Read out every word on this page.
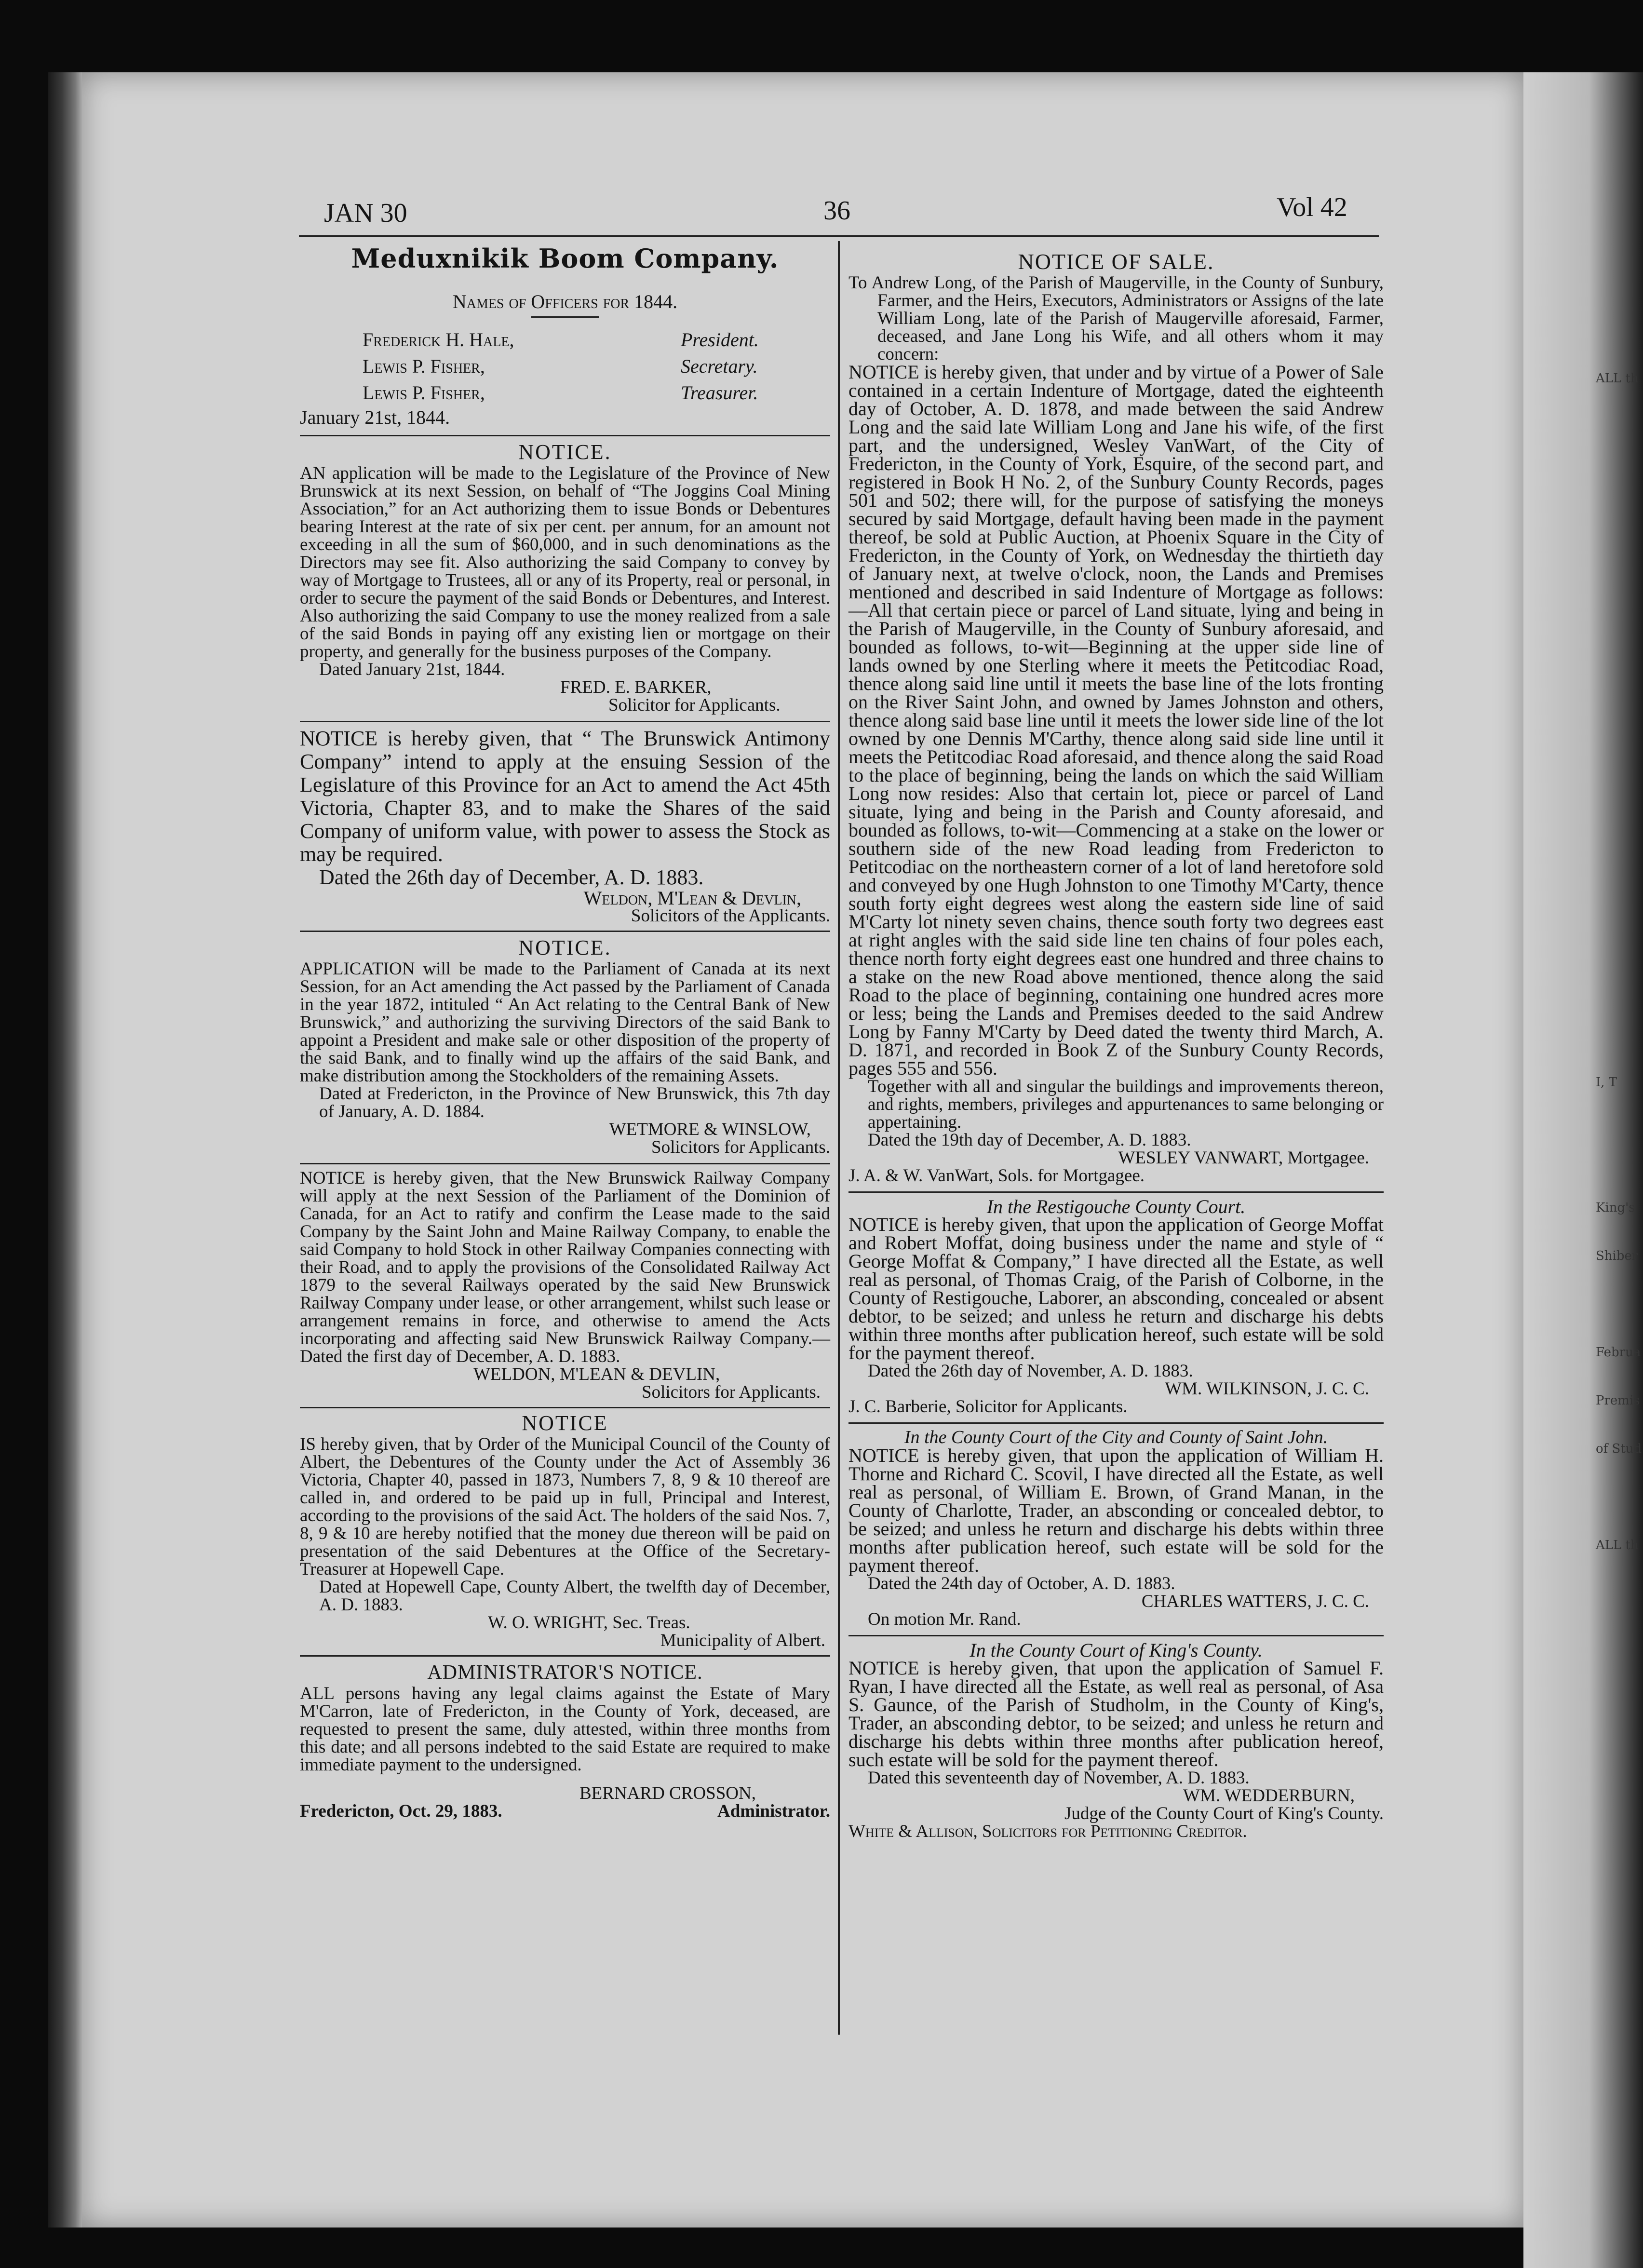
ALL th
Februa
Premis
of Stud
ALL th
Shiber
I, T
King's
JAN 30	36	Vol 42
Meduxnikik Boom Company.
Names of Officers for 1844.
Frederick H. Hale,	President.
Lewis P. Fisher,	Secretary.
Lewis P. Fisher,	Treasurer.
January 21st, 1844.
NOTICE.

AN application will be made to the Legislature of the Province of New Brunswick at its next Session, on behalf of “The Joggins Coal Mining Association,” for an Act authorizing them to issue Bonds or Debentures bearing Interest at the rate of six per cent. per annum, for an amount not exceeding in all the sum of $60,000, and in such denominations as the Directors may see fit. Also authorizing the said Company to convey by way of Mortgage to Trustees, all or any of its Property, real or personal, in order to secure the payment of the said Bonds or Debentures, and Interest. Also authorizing the said Company to use the money realized from a sale of the said Bonds in paying off any existing lien or mortgage on their property, and generally for the business purposes of the Company.

Dated January 21st, 1844.

FRED. E. BARKER,

Solicitor for Applicants.

NOTICE is hereby given, that “ The Brunswick Antimony Company” intend to apply at the ensuing Session of the Legislature of this Province for an Act to amend the Act 45th Victoria, Chapter 83, and to make the Shares of the said Company of uniform value, with power to assess the Stock as may be required.

Dated the 26th day of December, A. D. 1883.

Weldon, M'Lean & Devlin,

Solicitors of the Applicants.

NOTICE.

APPLICATION will be made to the Parliament of Canada at its next Session, for an Act amending the Act passed by the Parliament of Canada in the year 1872, intituled “ An Act relating to the Central Bank of New Brunswick,” and authorizing the surviving Directors of the said Bank to appoint a President and make sale or other disposition of the property of the said Bank, and to finally wind up the affairs of the said Bank, and make distribution among the Stockholders of the remaining Assets.

Dated at Fredericton, in the Province of New Brunswick, this 7th day of January, A. D. 1884.

WETMORE & WINSLOW,

Solicitors for Applicants.

NOTICE is hereby given, that the New Brunswick Railway Company will apply at the next Session of the Parliament of the Dominion of Canada, for an Act to ratify and confirm the Lease made to the said Company by the Saint John and Maine Railway Company, to enable the said Company to hold Stock in other Railway Companies connecting with their Road, and to apply the provisions of the Consolidated Railway Act 1879 to the several Railways operated by the said New Brunswick Railway Company under lease, or other arrangement, whilst such lease or arrangement remains in force, and otherwise to amend the Acts incorporating and affecting said New Brunswick Railway Company.—Dated the first day of December, A. D. 1883.

WELDON, M'LEAN & DEVLIN,

Solicitors for Applicants.

NOTICE

IS hereby given, that by Order of the Municipal Council of the County of Albert, the Debentures of the County under the Act of Assembly 36 Victoria, Chapter 40, passed in 1873, Numbers 7, 8, 9 & 10 thereof are called in, and ordered to be paid up in full, Principal and Interest, according to the provisions of the said Act. The holders of the said Nos. 7, 8, 9 & 10 are hereby notified that the money due thereon will be paid on presentation of the said Debentures at the Office of the Secretary-Treasurer at Hopewell Cape.

Dated at Hopewell Cape, County Albert, the twelfth day of December, A. D. 1883.

W. O. WRIGHT, Sec. Treas.

Municipality of Albert.

ADMINISTRATOR'S NOTICE.

ALL persons having any legal claims against the Estate of Mary M'Carron, late of Fredericton, in the County of York, deceased, are requested to present the same, duly attested, within three months from this date; and all persons indebted to the said Estate are required to make immediate payment to the undersigned.

BERNARD CROSSON,

Fredericton, Oct. 29, 1883.	Administrator.
NOTICE OF SALE.

To Andrew Long, of the Parish of Maugerville, in the County of Sunbury, Farmer, and the Heirs, Executors, Administrators or Assigns of the late William Long, late of the Parish of Maugerville aforesaid, Farmer, deceased, and Jane Long his Wife, and all others whom it may concern:

NOTICE is hereby given, that under and by virtue of a Power of Sale contained in a certain Indenture of Mortgage, dated the eighteenth day of October, A. D. 1878, and made between the said Andrew Long and the said late William Long and Jane his wife, of the first part, and the undersigned, Wesley VanWart, of the City of Fredericton, in the County of York, Esquire, of the second part, and registered in Book H No. 2, of the Sunbury County Records, pages 501 and 502; there will, for the purpose of satisfying the moneys secured by said Mortgage, default having been made in the payment thereof, be sold at Public Auction, at Phoenix Square in the City of Fredericton, in the County of York, on Wednesday the thirtieth day of January next, at twelve o'clock, noon, the Lands and Premises mentioned and described in said Indenture of Mortgage as follows:—All that certain piece or parcel of Land situate, lying and being in the Parish of Maugerville, in the County of Sunbury aforesaid, and bounded as follows, to-wit—Beginning at the upper side line of lands owned by one Sterling where it meets the Petitcodiac Road, thence along said line until it meets the base line of the lots fronting on the River Saint John, and owned by James Johnston and others, thence along said base line until it meets the lower side line of the lot owned by one Dennis M'Carthy, thence along said side line until it meets the Petitcodiac Road aforesaid, and thence along the said Road to the place of beginning, being the lands on which the said William Long now resides: Also that certain lot, piece or parcel of Land situate, lying and being in the Parish and County aforesaid, and bounded as follows, to-wit—Commencing at a stake on the lower or southern side of the new Road leading from Fredericton to Petitcodiac on the northeastern corner of a lot of land heretofore sold and conveyed by one Hugh Johnston to one Timothy M'Carty, thence south forty eight degrees west along the eastern side line of said M'Carty lot ninety seven chains, thence south forty two degrees east at right angles with the said side line ten chains of four poles each, thence north forty eight degrees east one hundred and three chains to a stake on the new Road above mentioned, thence along the said Road to the place of beginning, containing one hundred acres more or less; being the Lands and Premises deeded to the said Andrew Long by Fanny M'Carty by Deed dated the twenty third March, A. D. 1871, and recorded in Book Z of the Sunbury County Records, pages 555 and 556.

Together with all and singular the buildings and improvements thereon, and rights, members, privileges and appurtenances to same belonging or appertaining.

Dated the 19th day of December, A. D. 1883.

WESLEY VANWART, Mortgagee.

J. A. & W. VanWart, Sols. for Mortgagee.

In the Restigouche County Court.

NOTICE is hereby given, that upon the application of George Moffat and Robert Moffat, doing business under the name and style of “ George Moffat & Company,” I have directed all the Estate, as well real as personal, of Thomas Craig, of the Parish of Colborne, in the County of Restigouche, Laborer, an absconding, concealed or absent debtor, to be seized; and unless he return and discharge his debts within three months after publication hereof, such estate will be sold for the payment thereof.

Dated the 26th day of November, A. D. 1883.

WM. WILKINSON, J. C. C.

J. C. Barberie, Solicitor for Applicants.

In the County Court of the City and County of Saint John.

NOTICE is hereby given, that upon the application of William H. Thorne and Richard C. Scovil, I have directed all the Estate, as well real as personal, of William E. Brown, of Grand Manan, in the County of Charlotte, Trader, an absconding or concealed debtor, to be seized; and unless he return and discharge his debts within three months after publication hereof, such estate will be sold for the payment thereof.

Dated the 24th day of October, A. D. 1883.

CHARLES WATTERS, J. C. C.

On motion Mr. Rand.

In the County Court of King's County.

NOTICE is hereby given, that upon the application of Samuel F. Ryan, I have directed all the Estate, as well real as personal, of Asa S. Gaunce, of the Parish of Studholm, in the County of King's, Trader, an absconding debtor, to be seized; and unless he return and discharge his debts within three months after publication hereof, such estate will be sold for the payment thereof.

Dated this seventeenth day of November, A. D. 1883.

WM. WEDDERBURN,

Judge of the County Court of King's County.

White & Allison, Solicitors for Petitioning Creditor.
